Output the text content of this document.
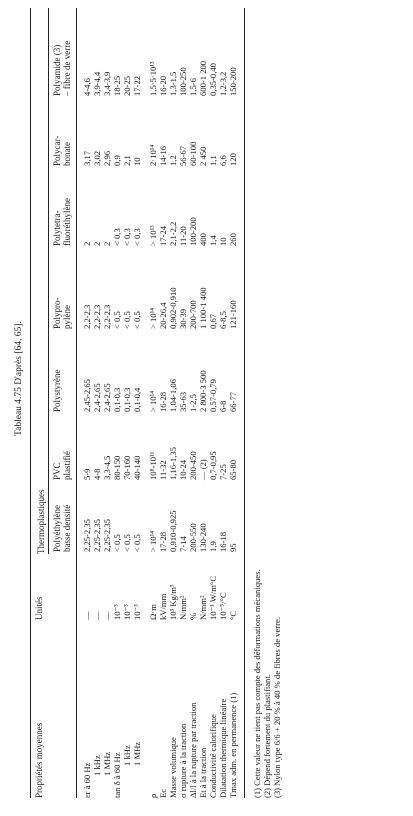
Tableau 4.75 D'après [64, 65].
Propriétés moyennes
Unités
Thermoplastiques Polyéthylène basse densité
PVC plastifié
Polystyrène
Polypro- pylène
Polytetra- fluoréthylène
Polycar- bonate
Polyamide (3) – fibre de verre
εr à 60 Hz 1 kHz 1 MHz tan δ à 60 Hz 1 kHz 1 MHz
ρ Ec Masse volumique σ rupture à la traction Δl/l à la rupture par traction Et à la traction Conductivité calorifique Dilatation thermique linéaire Tmax adm. en permanence (1)
— — — 10⁻³ 10⁻³ 10⁻³ Ω·m kV/mm 10³ Kg/m³ N/mm² % N/mm² 10⁻¹ W/m°C 10⁻⁵/°C °C
2,25-2,35 2,25-2,35 2,25-2,35 < 0,5 < 0,5 < 0,5 > 10¹⁴ 17-28 0,910-0,925 7-14 200-550 130-240 1,9 16-18 95
5-9 4-8 3,3-4,5 80-150 70-160 40-140 10⁸-10¹¹ 11-32 1,16-1,35 10-24 200-450 — (2) 0,7-0,95 7-25 65-80
2,45-2,65 2,4-2,65 2,4-2,65 0,1-0,3 0,1-0,3 0,1-0,4 > 10¹⁴ 16-28 1,04-1,06 35-63 1-2,5 2 800-3 500 0,57-0,79 6-8 66-77
2,2-2,3 2,2-2,3 2,2-2,3 < 0,5 < 0,5 < 0,5 > 10¹⁴ 20-26,4 0,902-0,910 30-39 200-700 1 100-1 400 0,67 6-8,5 121-160
2 2 2 < 0,3 < 0,3 < 0,3 > 10¹³ 17-24 2,1-2,2 11-20 100-200 400 1,4 10 260
3,17 3,02 2,96 0,9 2,1 10 2·10¹⁴ 14-16 1,2 56-67 60-100 2 450 1,1 6,6 120
4-4,6 3,9-4,4 3,4-3,9 18-25 20-25 17-22 1,5·5·10¹³ 16-20 1,3-1,5 100-250 1,5-6 600-1 200 0,35-0,40 1,2-3,2 150-200
(1) Cette valeur ne tient pas compte des déformations mécaniques. (2) Dépend fortement du plastifiant. (3) Nylon type 6/6 + 20 % à 40 % de fibres de verre.
